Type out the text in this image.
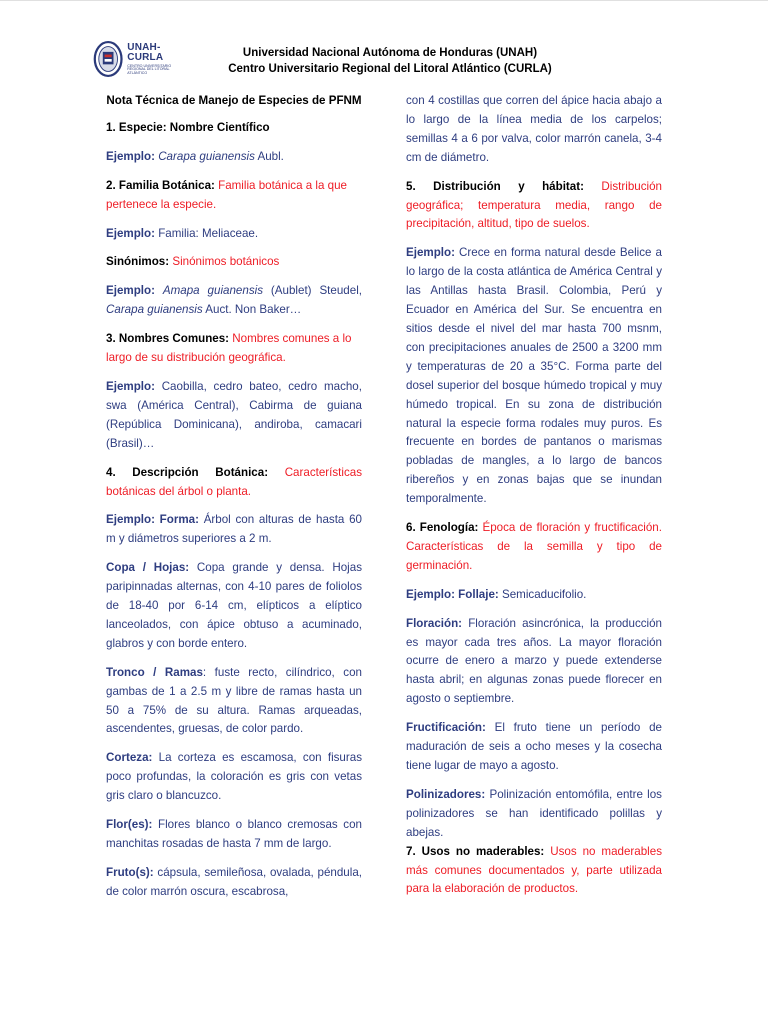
UNAH-CURLA
CENTRO UNIVERSITARIO REGIONAL DEL LITORAL ATLÁNTICO
Universidad Nacional Autónoma de Honduras (UNAH)
Centro Universitario Regional del Litoral Atlántico (CURLA)

Nota Técnica de Manejo de Especies de PFNM

1. Especie: Nombre Científico

Ejemplo: Carapa guianensis Aubl.

2. Familia Botánica: Familia botánica a la que pertenece la especie.

Ejemplo: Familia: Meliaceae.

Sinónimos: Sinónimos botánicos

Ejemplo: Amapa guianensis (Aublet) Steudel, Carapa guianensis Auct. Non Baker…

3. Nombres Comunes: Nombres comunes a lo largo de su distribución geográfica.

Ejemplo: Caobilla, cedro bateo, cedro macho, swa (América Central), Cabirma de guiana (República Dominicana), andiroba, camacari (Brasil)…

4. Descripción Botánica: Características botánicas del árbol o planta.

Ejemplo: Forma: Árbol con alturas de hasta 60 m y diámetros superiores a 2 m.

Copa / Hojas: Copa grande y densa. Hojas paripinnadas alternas, con 4-10 pares de foliolos de 18-40 por 6-14 cm, elípticos a elíptico lanceolados, con ápice obtuso a acuminado, glabros y con borde entero.

Tronco / Ramas: fuste recto, cilíndrico, con gambas de 1 a 2.5 m y libre de ramas hasta un 50 a 75% de su altura. Ramas arqueadas, ascendentes, gruesas, de color pardo.

Corteza: La corteza es escamosa, con fisuras poco profundas, la coloración es gris con vetas gris claro o blancuzco.

Flor(es): Flores blanco o blanco cremosas con manchitas rosadas de hasta 7 mm de largo.

Fruto(s): cápsula, semileñosa, ovalada, péndula, de color marrón oscura, escabrosa,

con 4 costillas que corren del ápice hacia abajo a lo largo de la línea media de los carpelos; semillas 4 a 6 por valva, color marrón canela, 3-4 cm de diámetro.

5. Distribución y hábitat: Distribución geográfica; temperatura media, rango de precipitación, altitud, tipo de suelos.

Ejemplo: Crece en forma natural desde Belice a lo largo de la costa atlántica de América Central y las Antillas hasta Brasil. Colombia, Perú y Ecuador en América del Sur. Se encuentra en sitios desde el nivel del mar hasta 700 msnm, con precipitaciones anuales de 2500 a 3200 mm y temperaturas de 20 a 35°C. Forma parte del dosel superior del bosque húmedo tropical y muy húmedo tropical. En su zona de distribución natural la especie forma rodales muy puros. Es frecuente en bordes de pantanos o marismas pobladas de mangles, a lo largo de bancos ribereños y en zonas bajas que se inundan temporalmente.

6. Fenología: Época de floración y fructificación. Características de la semilla y tipo de germinación.

Ejemplo: Follaje: Semicaducifolio.

Floración: Floración asincrónica, la producción es mayor cada tres años. La mayor floración ocurre de enero a marzo y puede extenderse hasta abril; en algunas zonas puede florecer en agosto o septiembre.

Fructificación: El fruto tiene un período de maduración de seis a ocho meses y la cosecha tiene lugar de mayo a agosto.

Polinizadores: Polinización entomófila, entre los polinizadores se han identificado polillas y abejas.

7. Usos no maderables: Usos no maderables más comunes documentados y, parte utilizada para la elaboración de productos.
